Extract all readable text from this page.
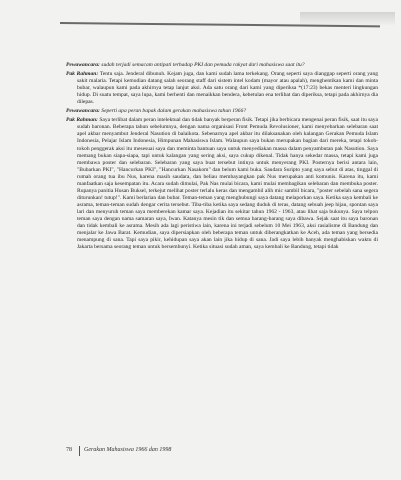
Pewawancara: sudah terjadi semacam antipati terhadap PKI dan pemuda rakyat dari mahasiswa saat itu?

Pak Rahman: Tentu saja. Jenderal dibunuh. Kejam juga, dan kami sudah lama terkekang. Orang seperti saya dianggap seperti orang yang sakit malaria. Tetapi kemudian datang salah seorang staff dari sistem intel kodam (mayor atau apalah), menghentikan kami dan minta bubar, walaupun kami pada akhirnya tetap lanjut aksi. Ada satu orang dari kami yang diperiksa *(17:23) bekas menteri lingkungan hidup. Di suatu tempat, saya lupa, kami berhenti dan menaikkan bendera, kebetulan ena terlibat dan diperiksa, tetapi pada akhirnya dia dilepas.

Pewawancara: Seperti apa peran bapak dalam gerakan mahasiswa tahun 1966?

Pak Rahman: Saya terlibat dalam peran intelektual dan tidak banyak berperan fisik. Tetapi jika berbicara mengenai peran fisik, saat itu saya sudah baronan. Beberapa tahun sebelumnya, dengan nama organisasi Front Pemuda Revolusioner, kami menyebarkan selebaran saat apel akbar menyambut Jenderal Nasution di balaikota. Sebenarnya apel akbar itu dilaksanakan oleh kalangan Gerakan Pemuda Islam Indonesia, Pelajar Islam Indonesia, Himpunan Mahasiswa Islam. Walaupun saya bukan merupakan bagian dari mereka, tetapi tokoh-tokoh penggerak aksi itu mesesuai saya dan meminta bantuan saya untuk menyediakan massa dalam penyambutan pak Nasution. Saya memang bukan siapa-siapa, tapi untuk kalangan yang sering aksi, saya cukup dikenal. Tidak hanya sekedar massa, tetapi kami juga membawa poster dan selebaran. Selebaran yang saya buat tersebut intinya untuk menyerang PKI. Posternya berisi antara lain, "Bubarkan PKI", "Hancurkan PKI", "Hancurkan Nasakom" dan belum kami buka. Saudara Suripto yang saya sebut di atas, tinggal di rumah orang tua ibu Nus, karena masih saudara, dan beliau membayangkan pak Nus merupakan anti komunis. Karena itu, kami manfaatkan saja kesempatan itu. Acara sudah dimulai, Pak Nas mulai bicara, kami mulai membagikan selebaran dan membuka poster. Rupanya panitia Husan Buksel, terkejut melihat poster terlalu keras dan mengambil alih mic sambil bicara, "poster sebelah sana segera diturunkan! tutup!". Kami berlarian dan bubar. Teman-teman yang menghubungi saya datang melaporkan saya. Ketika saya kembali ke asrama, teman-teman sudah dengar cerita tersebut. Tiba-tiba ketika saya sedang duduk di teras, datang sebuah jeep hijau, spontan saya lari dan menyuruh teman saya memberekan kamar saya. Kejadian itu sekitar tahun 1962 - 1963, atau lihat saja bukunya. Saya telpon teman saya dengan nama samaran saya, Iwan. Katanya mesin tik dan semua barang-barang saya dibawa. Sejak saat itu saya baronan dan tidak kembali ke asrama. Mesih ada lagi peristiwa lain, karena ini terjadi sebelum 10 Mei 1963, aksi rasialisme di Bandung dan menjalar ke Jawa Barat. Kemudian, saya dipersiapkan oleh beberapa teman untuk diberangkatkan ke Aceh, ada teman yang bersedia menampung di sana. Tapi saya pikir, kehidupan saya akan lain jika hidup di sana. Jadi saya lebih banyak menghabiskan waktu di Jakarta bersama seorang teman untuk bersembunyi. Ketika situasi sudah aman, saya kembali ke Bandung, tetapi tidak

78 Gerakan Mahasiswa 1966 dan 1998
